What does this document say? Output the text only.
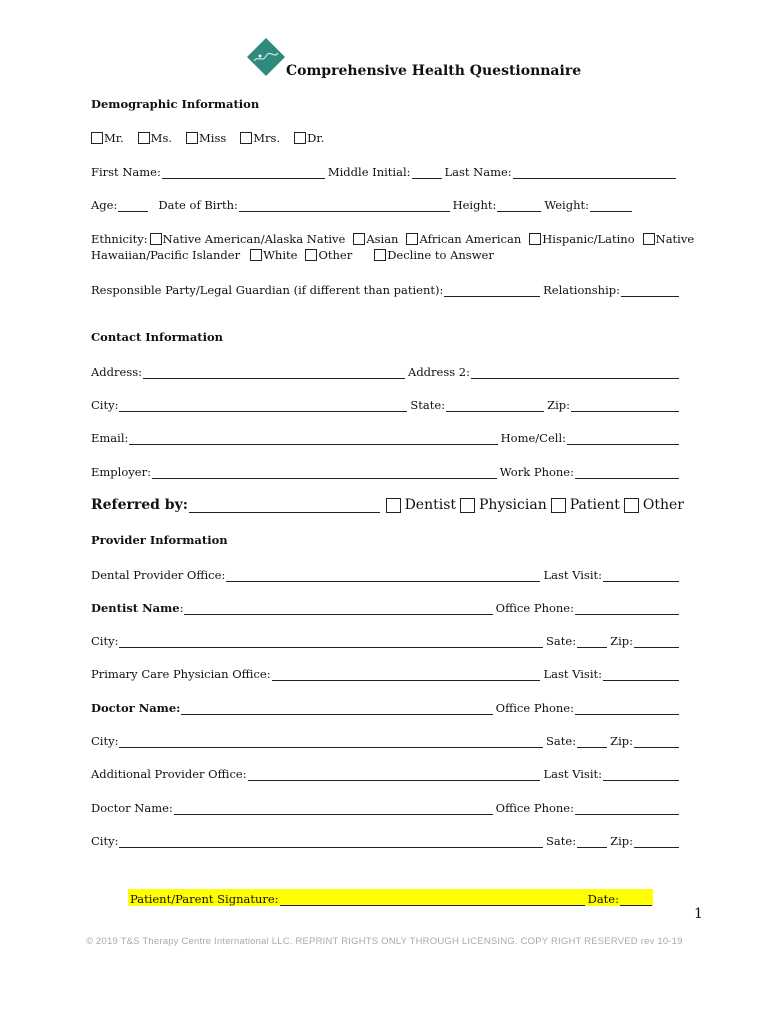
Comprehensive Health Questionnaire
Demographic Information
Mr. Ms. Miss Mrs. Dr.
First Name:	Middle Initial:	Last Name:
Age:	Date of Birth:	Height:	Weight:
Ethnicity: Native American/Alaska Native Asian African American Hispanic/Latino Native
Hawaiian/Pacific Islander White Other	Decline to Answer
Responsible Party/Legal Guardian (if different than patient):	Relationship:
Contact Information
Address:	Address 2:
City:	State:	Zip:
Email:	Home/Cell:
Employer:	Work Phone:
Referred by:	Dentist Physician Patient Other
Provider Information
Dental Provider Office:	Last Visit:
Dentist Name :	Office Phone:
City:	Sate:	Zip:
Primary Care Physician Office:	Last Visit:
Doctor Name:	Office Phone:
City:	Sate:	Zip:
Additional Provider Office:	Last Visit:
Doctor Name:	Office Phone:
City:	Sate:	Zip:
Patient/Parent Signature:	Date:
1
© 2019 T&S Therapy Centre International LLC. REPRINT RIGHTS ONLY THROUGH LICENSING. COPY RIGHT RESERVED rev 10-19
